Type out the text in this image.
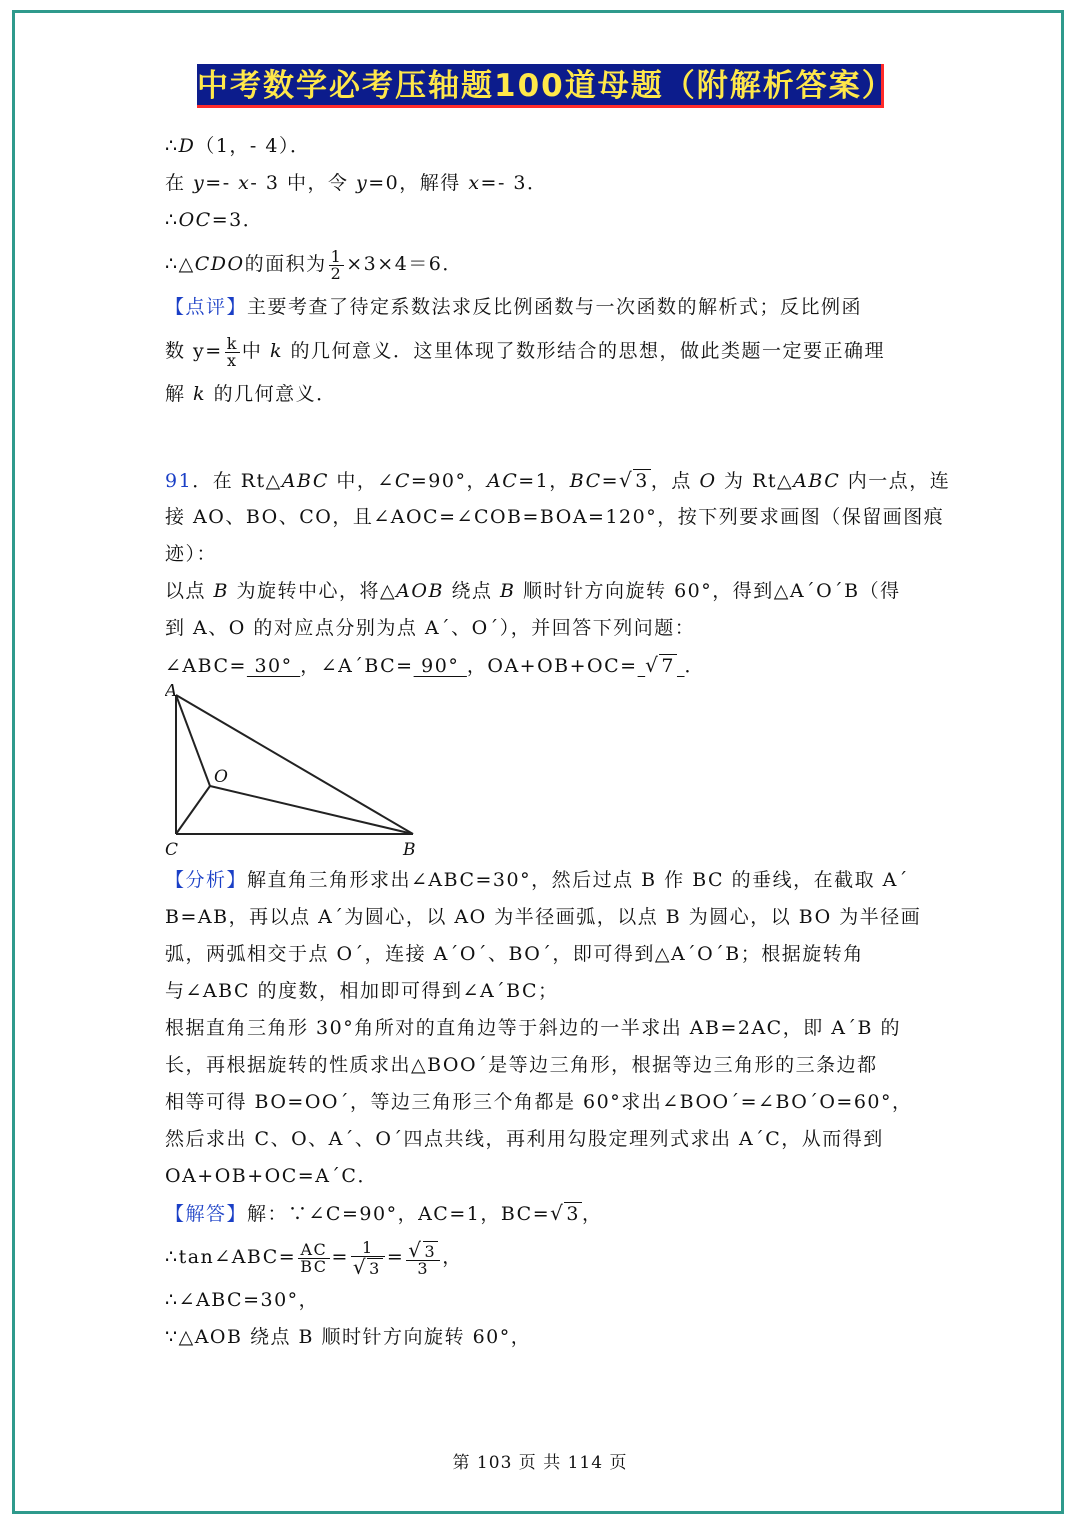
中考数学必考压轴题100道母题（附解析答案）
∴D（1，- 4）．
在 y=- x- 3 中，令 y=0，解得 x=- 3．
∴OC=3．
∴△CDO的面积为 $\frac{1}{2} \times 3\times 4=6$．
【点评】主要考查了待定系数法求反比例函数与一次函数的解析式；反比例函
数 $y= \frac{k}{x}$ 中 k 的几何意义．这里体现了数形结合的思想，做此类题一定要正确理
解 k 的几何意义．
91．在 Rt△ABC 中，∠C=90°，AC=1，BC=√ 3 ，点 O 为 Rt△ABC 内一点，连
接 AO、BO、CO，且∠AOC=∠COB=BOA=120°，按下列要求画图（保留画图痕
迹）：
以点 B 为旋转中心，将△AOB 绕点 B 顺时针方向旋转 60°，得到△A´O´B（得
到 A、O 的对应点分别为点 A´、O´），并回答下列问题：
∠ABC= 30° ，∠A´BC= 90° ，OA+OB+OC= √ 7 ．
A
O
C	B
【分析】解直角三角形求出∠ABC=30°，然后过点 B 作 BC 的垂线，在截取 A´
B=AB，再以点 A´为圆心，以 AO 为半径画弧，以点 B 为圆心，以 BO 为半径画
弧，两弧相交于点 O´，连接 A´O´、BO´，即可得到△A´O´B；根据旋转角
与∠ABC 的度数，相加即可得到∠A´BC；
根据直角三角形 30°角所对的直角边等于斜边的一半求出 AB=2AC，即 A´B 的
长，再根据旋转的性质求出△BOO´是等边三角形，根据等边三角形的三条边都
相等可得 BO=OO´，等边三角形三个角都是 60°求出∠BOO´=∠BO´O=60°，
然后求出 C、O、A´、O´四点共线，再利用勾股定理列式求出 A´C，从而得到
OA+OB+OC=A´C．
【解答】解：∵∠C=90°，AC=1，BC=√ 3 ，
∴tan∠ABC= $\frac{AC}{BC} = \frac{1}{√ 3} = \frac{√ 3}{3}$ ，
∴∠ABC=30°，
∵△AOB 绕点 B 顺时针方向旋转 60°，
第 103 页 共 114 页
